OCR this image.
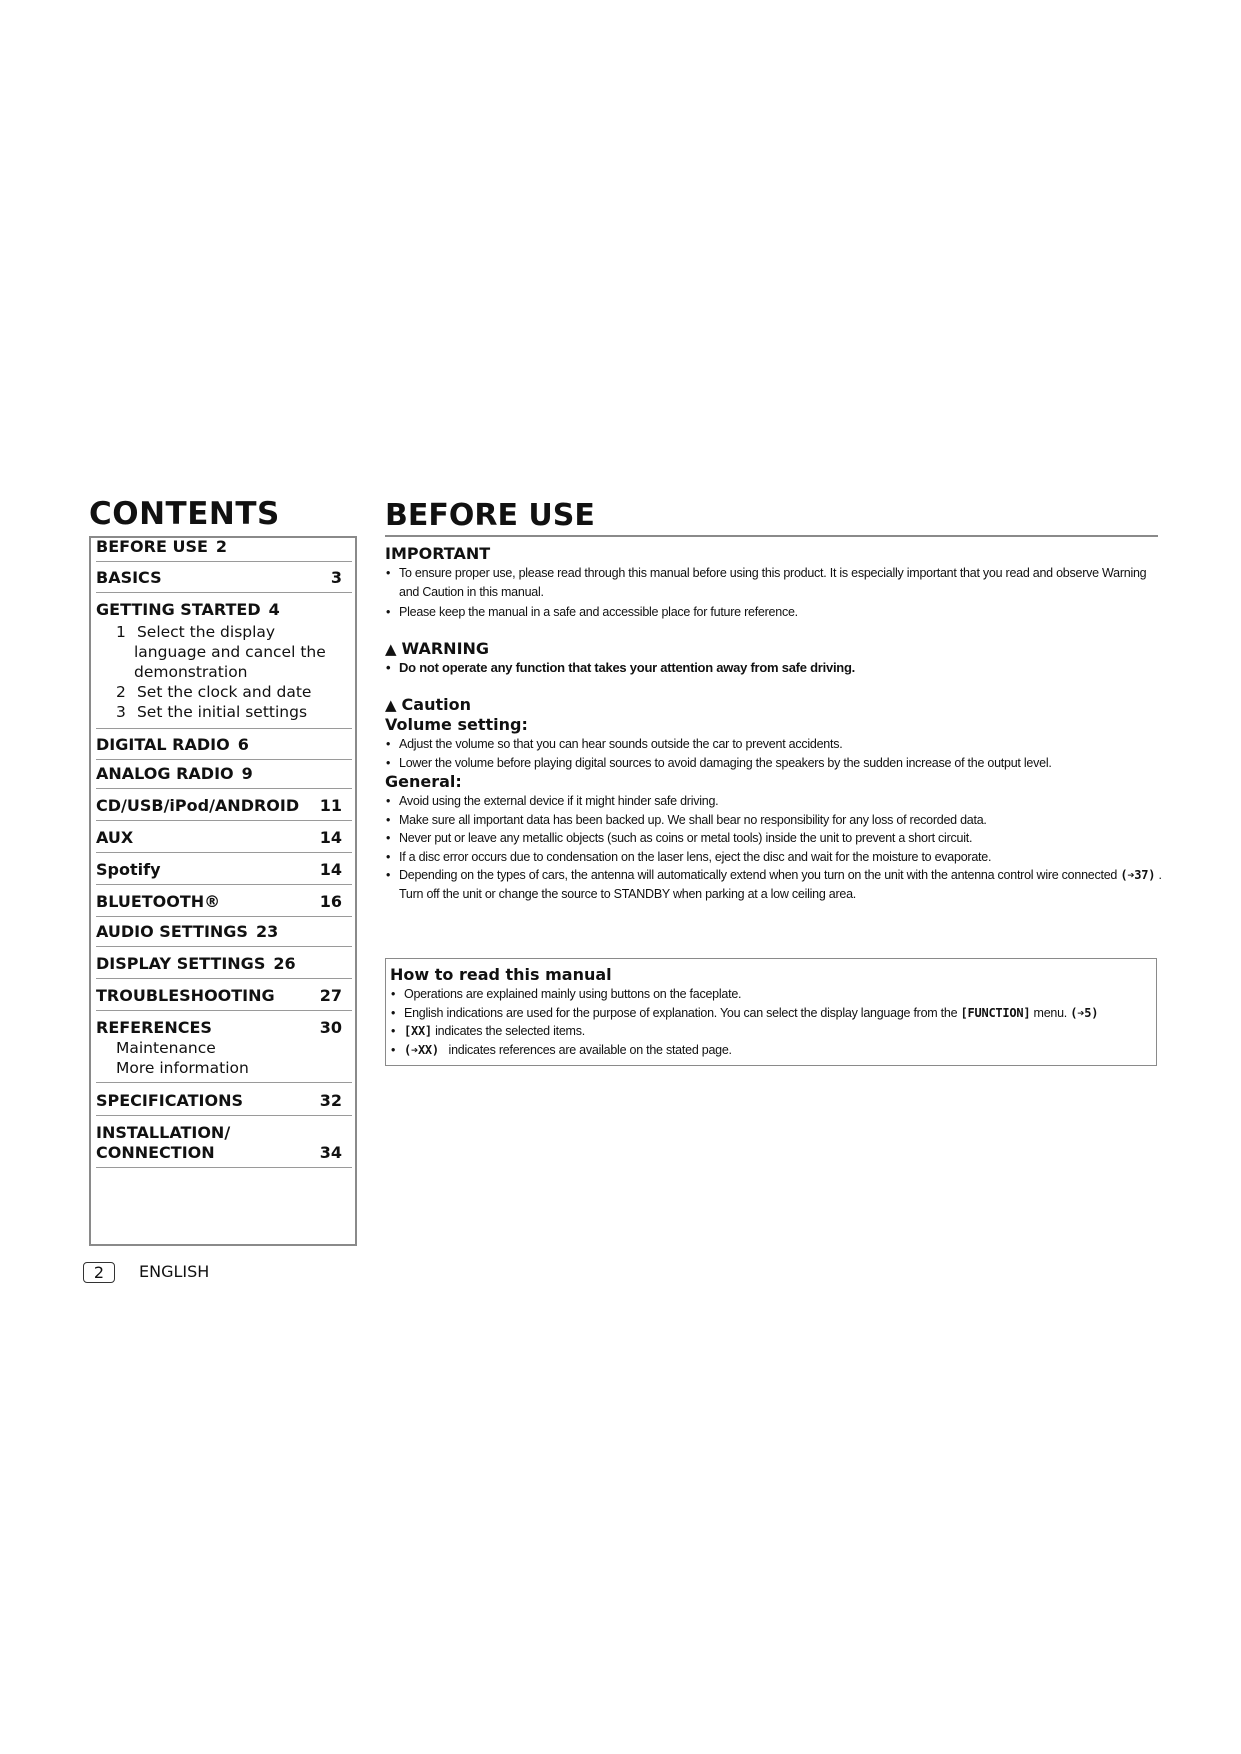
CONTENTS
BEFORE USE 2
BASICS	3
GETTING STARTED 4
1 Select the display
language and cancel the
demonstration
2 Set the clock and date
3 Set the initial settings
DIGITAL RADIO 6
ANALOG RADIO 9
CD/USB/iPod/ANDROID 11
AUX	14
Spotify	14
BLUETOOTH®	16
AUDIO SETTINGS 23
DISPLAY SETTINGS 26
TROUBLESHOOTING	27
REFERENCES	30
Maintenance
More information
SPECIFICATIONS	32
INSTALLATION/
CONNECTION	34
2	ENGLISH
BEFORE USE
IMPORTANT
• To ensure proper use, please read through this manual before using this product. It is especially important that you read and observe Warning and Caution in this manual.
• Please keep the manual in a safe and accessible place for future reference.
▲ WARNING
• Do not operate any function that takes your attention away from safe driving.
▲ Caution
Volume setting:
• Adjust the volume so that you can hear sounds outside the car to prevent accidents.
• Lower the volume before playing digital sources to avoid damaging the speakers by the sudden increase of the output level.
General:
• Avoid using the external device if it might hinder safe driving.
• Make sure all important data has been backed up. We shall bear no responsibility for any loss of recorded data.
• Never put or leave any metallic objects (such as coins or metal tools) inside the unit to prevent a short circuit.
• If a disc error occurs due to condensation on the laser lens, eject the disc and wait for the moisture to evaporate.
• Depending on the types of cars, the antenna will automatically extend when you turn on the unit with the antenna control wire connected (➔37) . Turn off the unit or change the source to STANDBY when parking at a low ceiling area.
How to read this manual
• Operations are explained mainly using buttons on the faceplate.
• English indications are used for the purpose of explanation. You can select the display language from the [FUNCTION] menu. (➔5)
• [XX] indicates the selected items.
• (➔XX) indicates references are available on the stated page.
